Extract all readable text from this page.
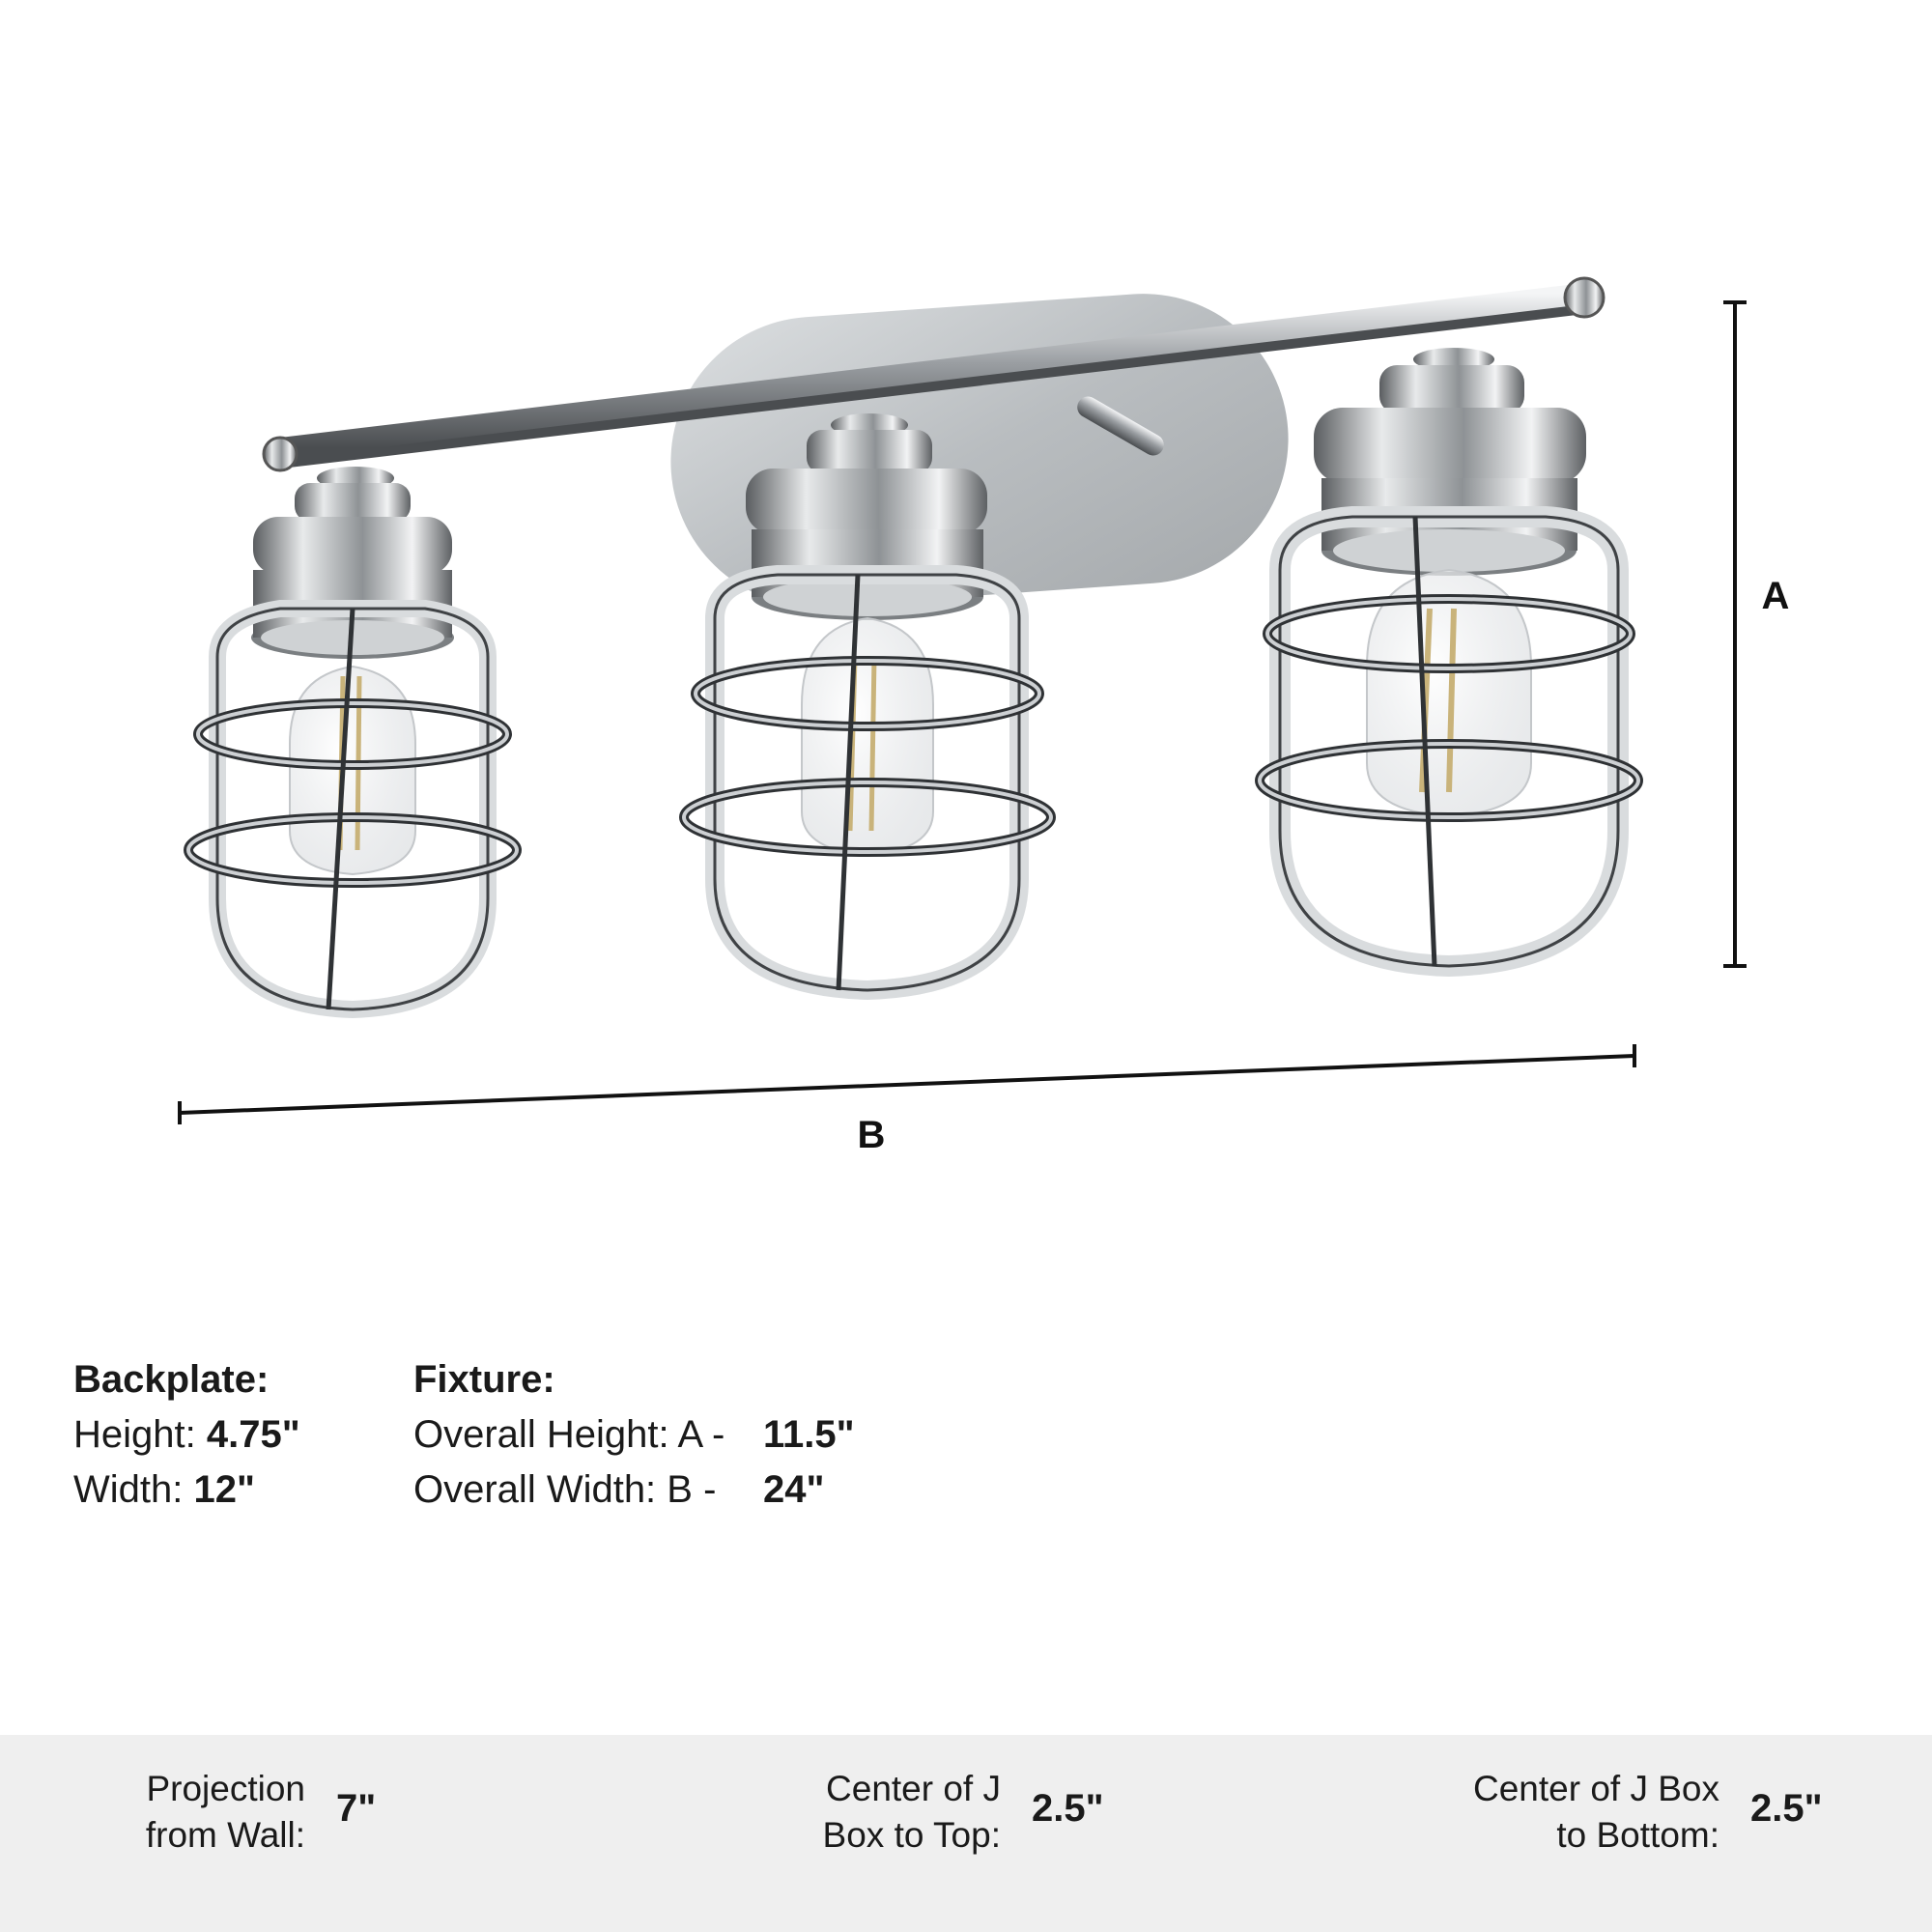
A
B
Backplate:
Height: 4.75"
Width: 12"
Fixture:
Overall Height: A - 11.5"
Overall Width: B - 24"
Projection
from Wall:
7"	Center of J
Box to Top:
2.5"	Center of J Box
to Bottom:
2.5"
